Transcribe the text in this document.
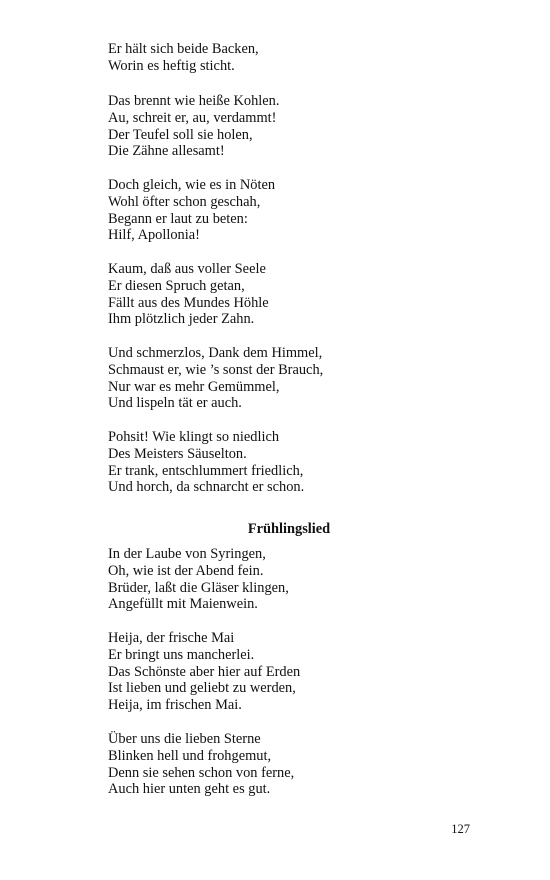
Er hält sich beide Backen,
Worin es heftig sticht.
Das brennt wie heiße Kohlen.
Au, schreit er, au, verdammt!
Der Teufel soll sie holen,
Die Zähne allesamt!
Doch gleich, wie es in Nöten
Wohl öfter schon geschah,
Begann er laut zu beten:
Hilf, Apollonia!
Kaum, daß aus voller Seele
Er diesen Spruch getan,
Fällt aus des Mundes Höhle
Ihm plötzlich jeder Zahn.
Und schmerzlos, Dank dem Himmel,
Schmaust er, wie ’s sonst der Brauch,
Nur war es mehr Gemümmel,
Und lispeln tät er auch.
Pohsit! Wie klingt so niedlich
Des Meisters Säuselton.
Er trank, entschlummert friedlich,
Und horch, da schnarcht er schon.
Frühlingslied
In der Laube von Syringen,
Oh, wie ist der Abend fein.
Brüder, laßt die Gläser klingen,
Angefüllt mit Maienwein.
Heija, der frische Mai
Er bringt uns mancherlei.
Das Schönste aber hier auf Erden
Ist lieben und geliebt zu werden,
Heija, im frischen Mai.
Über uns die lieben Sterne
Blinken hell und frohgemut,
Denn sie sehen schon von ferne,
Auch hier unten geht es gut.
127
